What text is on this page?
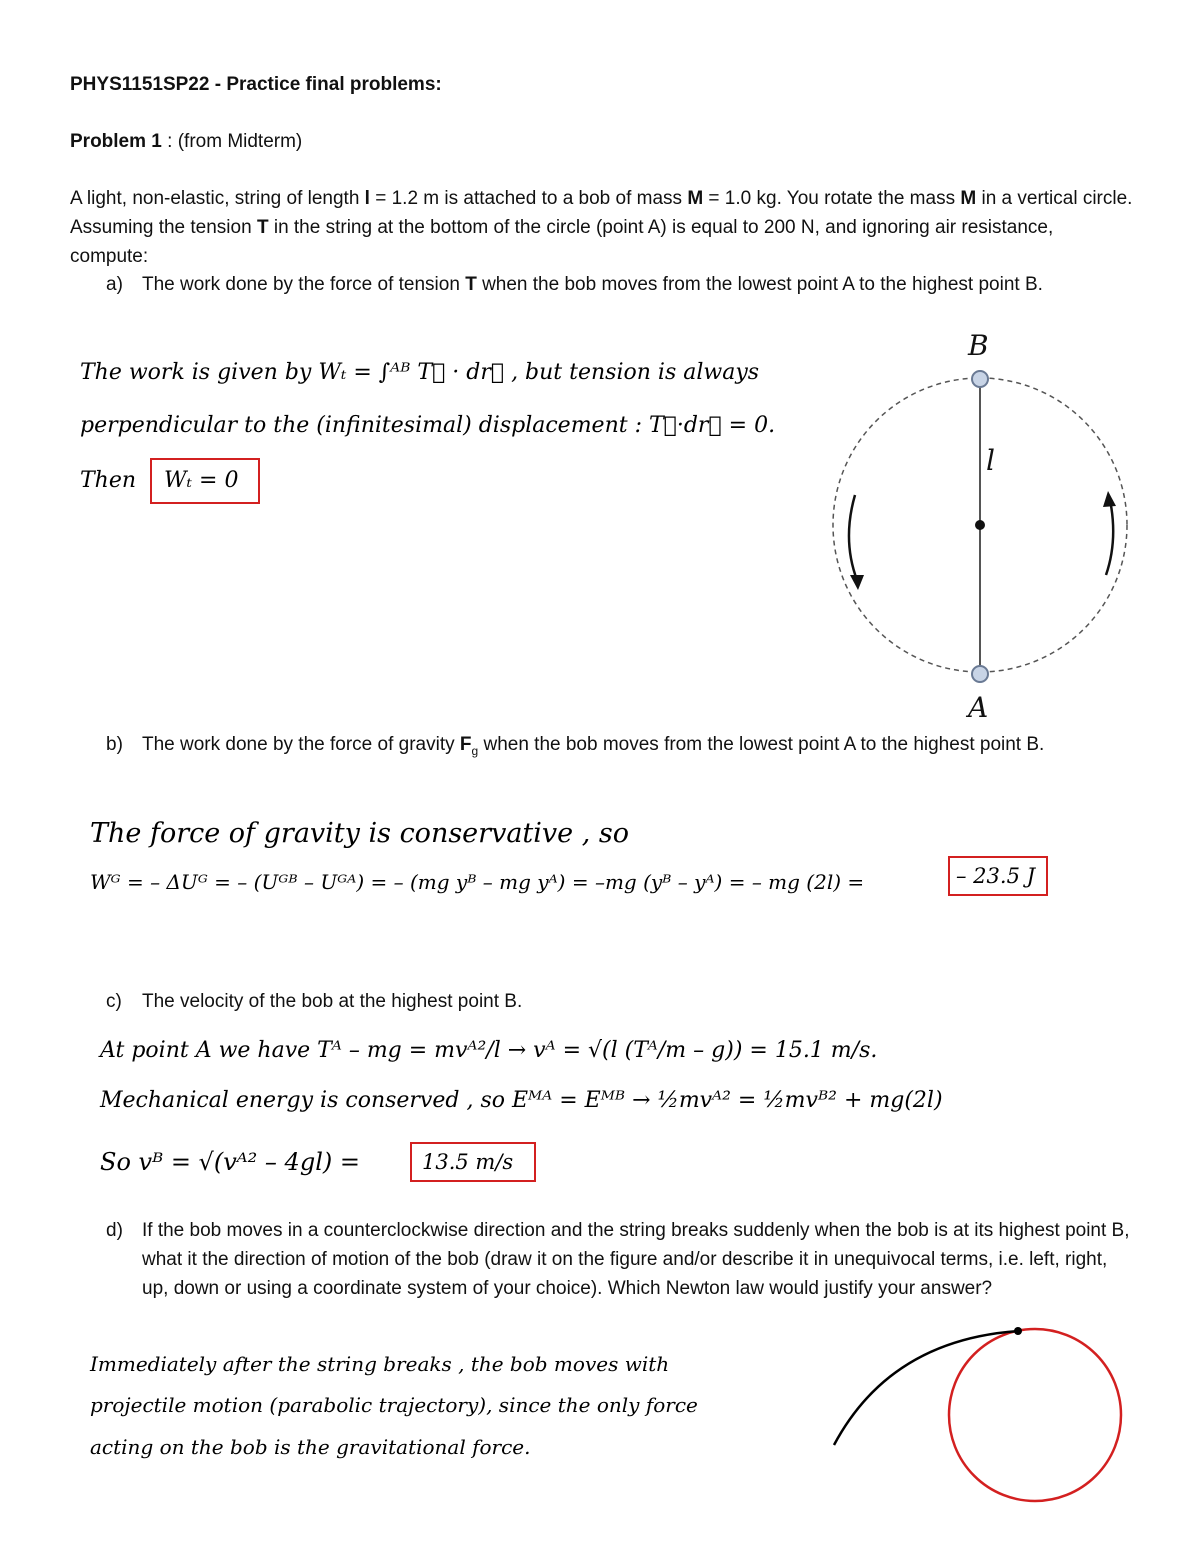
PHYS1151SP22 - Practice final problems:
Problem 1 : (from Midterm)
A light, non-elastic, string of length l = 1.2 m is attached to a bob of mass M = 1.0 kg. You rotate the mass M in a vertical circle. Assuming the tension T in the string at the bottom of the circle (point A) is equal to 200 N, and ignoring air resistance, compute:
a) The work done by the force of tension T when the bob moves from the lowest point A to the highest point B.
The work is given by Wₜ = ∫ᴬᴮ T⃗ · dr⃗ , but tension is always
perpendicular to the (infinitesimal) displacement : T⃗·dr⃗ = 0.
Then Wₜ = 0
B
A
l
b) The work done by the force of gravity $F_g$ when the bob moves from the lowest point A to the highest point B.
The force of gravity is conservative , so
Wᴳ = – ΔUᴳ = – (Uᴳᴮ – Uᴳᴬ) = – (mg yᴮ – mg yᴬ) = –mg (yᴮ – yᴬ) = – mg (2l) =	– 23.5 J
c) The velocity of the bob at the highest point B.
At point A we have Tᴬ – mg = mvᴬ²/l → vᴬ = √(l (Tᴬ/m – g)) = 15.1 m/s.
Mechanical energy is conserved , so Eᴹᴬ = Eᴹᴮ → ½mvᴬ² = ½mvᴮ² + mg(2l)
So vᴮ = √(vᴬ² – 4gl) =	13.5 m/s
d) If the bob moves in a counterclockwise direction and the string breaks suddenly when the bob is at its highest point B, what it the direction of motion of the bob (draw it on the figure and/or describe it in unequivocal terms, i.e. left, right, up, down or using a coordinate system of your choice). Which Newton law would justify your answer?
Immediately after the string breaks , the bob moves with
projectile motion (parabolic trajectory), since the only force
acting on the bob is the gravitational force.
